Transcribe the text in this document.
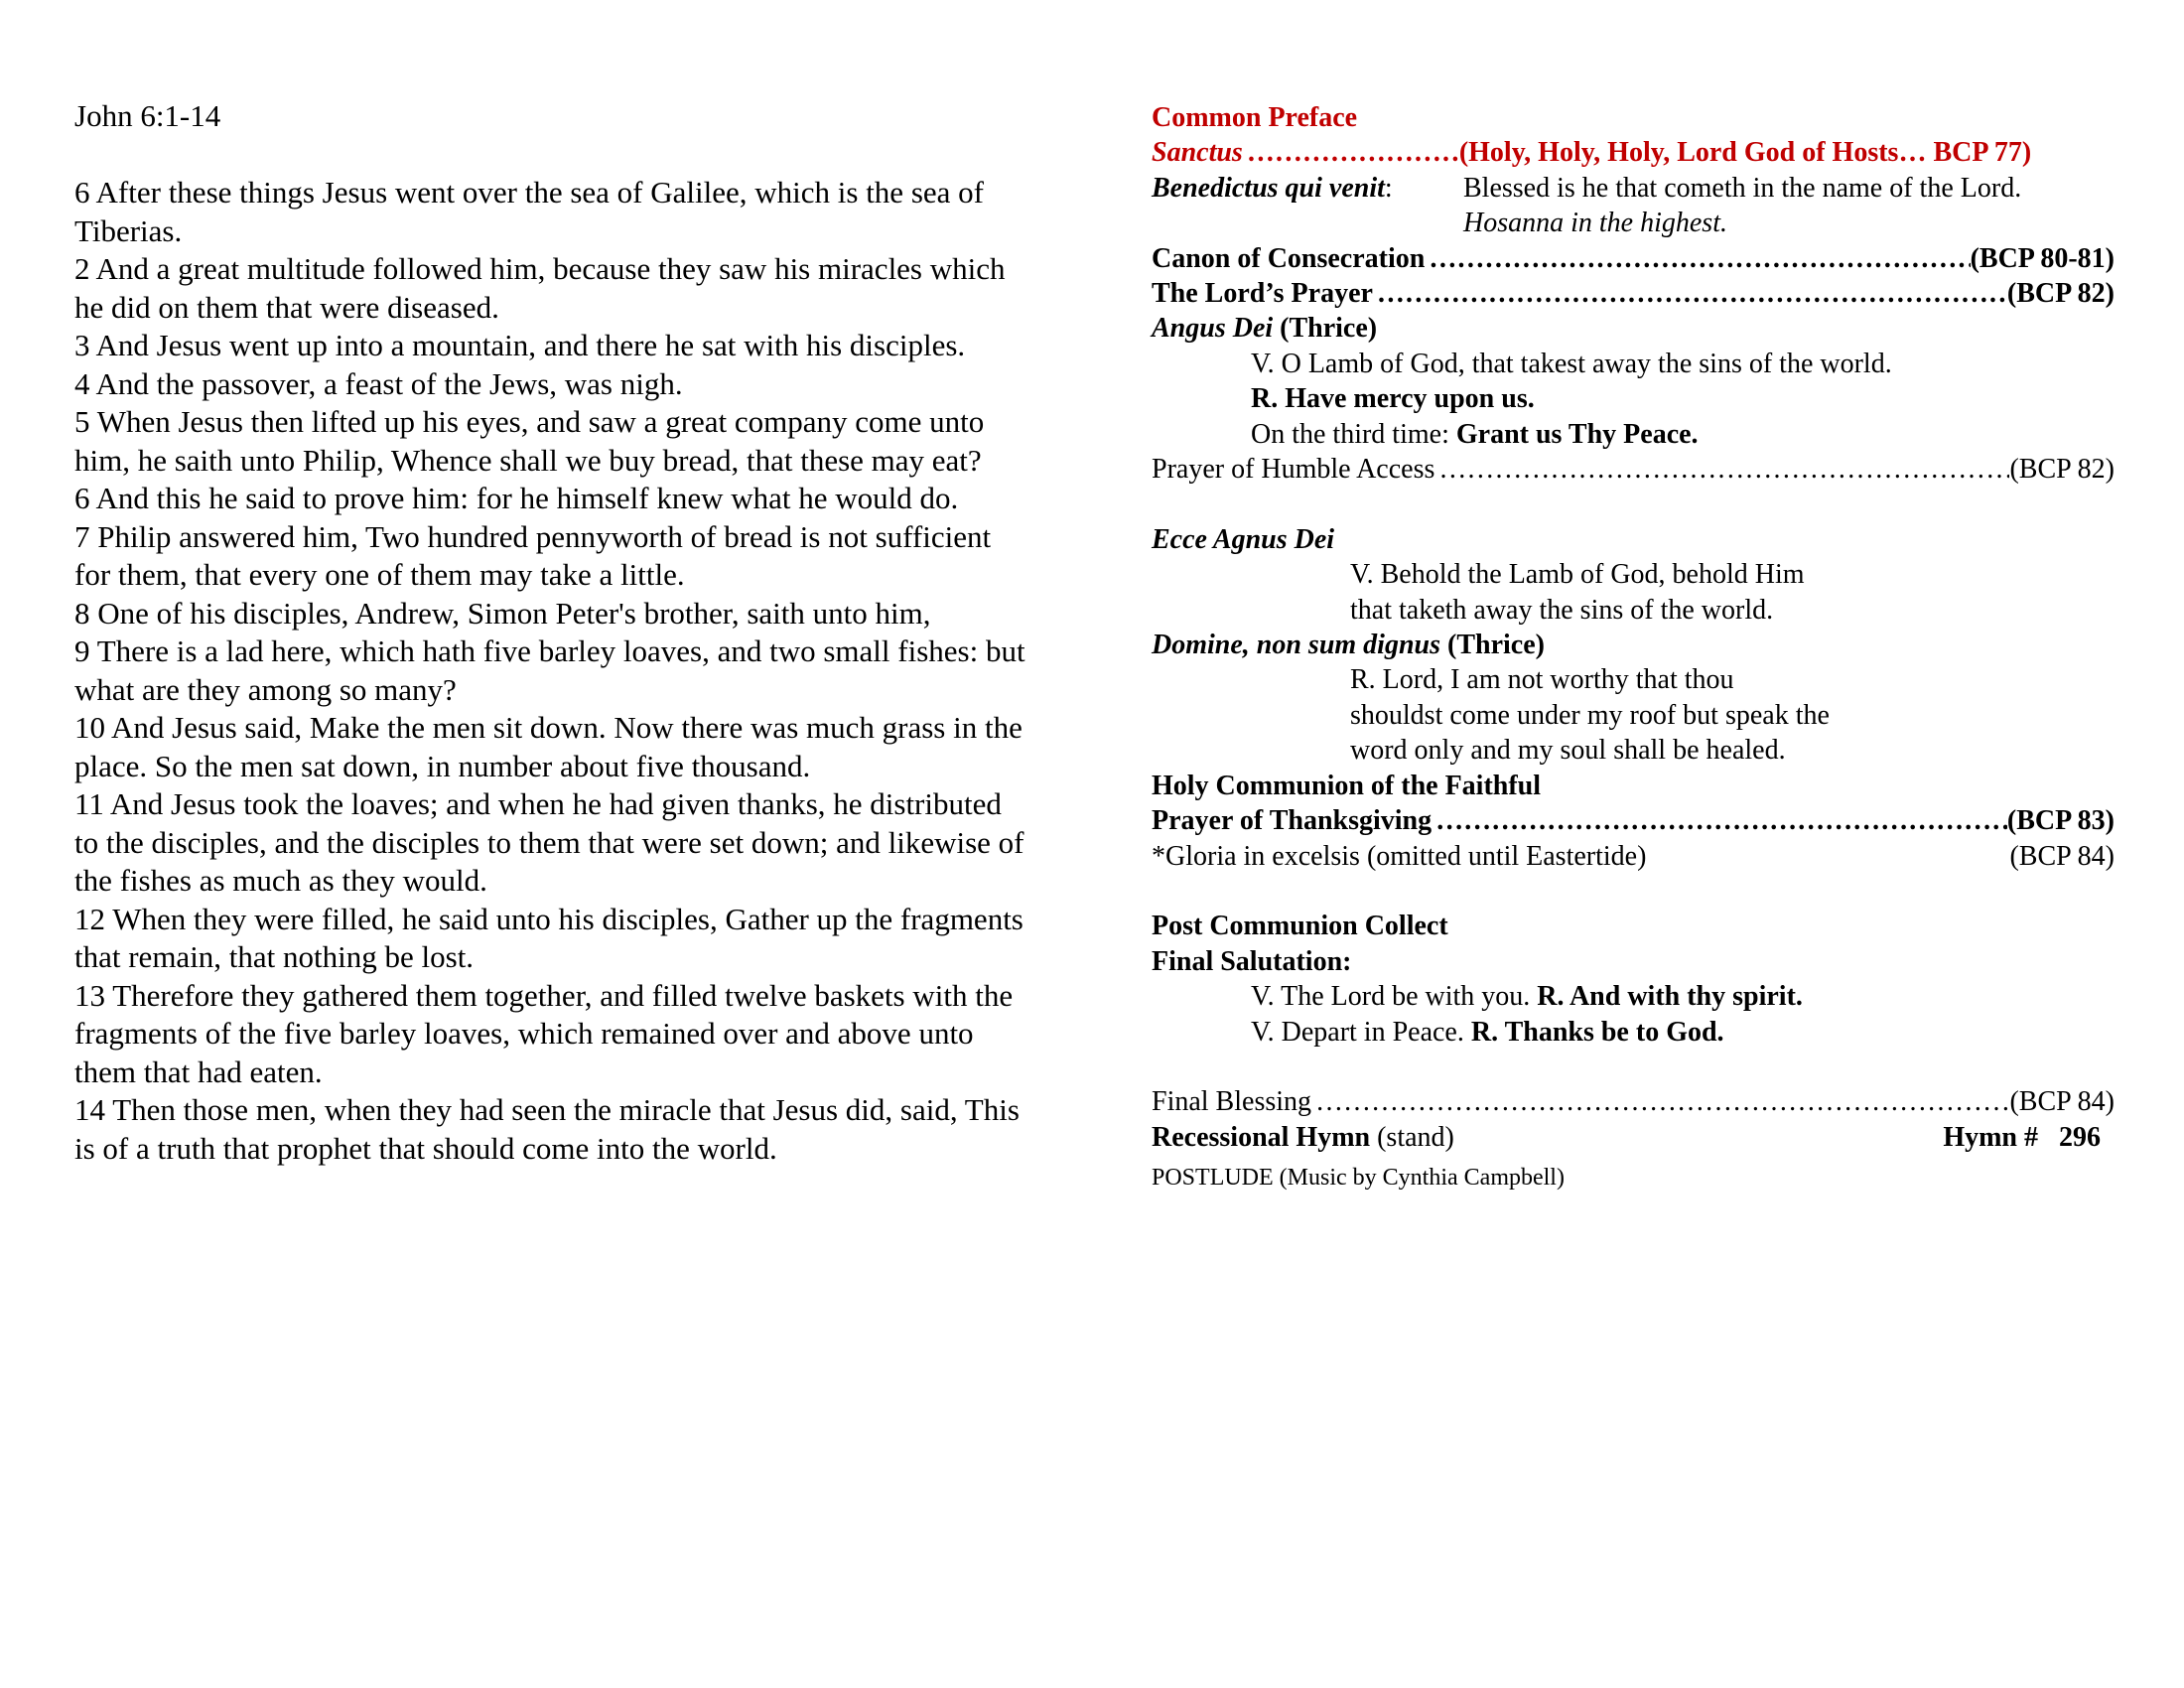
John 6:1-14
6 After these things Jesus went over the sea of Galilee, which is the sea of Tiberias.
2 And a great multitude followed him, because they saw his miracles which he did on them that were diseased.
3 And Jesus went up into a mountain, and there he sat with his disciples.
4 And the passover, a feast of the Jews, was nigh.
5 When Jesus then lifted up his eyes, and saw a great company come unto him, he saith unto Philip, Whence shall we buy bread, that these may eat?
6 And this he said to prove him: for he himself knew what he would do.
7 Philip answered him, Two hundred pennyworth of bread is not sufficient for them, that every one of them may take a little.
8 One of his disciples, Andrew, Simon Peter's brother, saith unto him,
9 There is a lad here, which hath five barley loaves, and two small fishes: but what are they among so many?
10 And Jesus said, Make the men sit down. Now there was much grass in the place. So the men sat down, in number about five thousand.
11 And Jesus took the loaves; and when he had given thanks, he distributed to the disciples, and the disciples to them that were set down; and likewise of the fishes as much as they would.
12 When they were filled, he said unto his disciples, Gather up the fragments that remain, that nothing be lost.
13 Therefore they gathered them together, and filled twelve baskets with the fragments of the five barley loaves, which remained over and above unto them that had eaten.
14 Then those men, when they had seen the miracle that Jesus did, said, This is of a truth that prophet that should come into the world.
Common Preface
Sanctus …………………………………………………………………………………………………………………………………………………………………………	(Holy, Holy, Holy, Lord God of Hosts… BCP 77)
Benedictus qui venit:	Blessed is he that cometh in the name of the Lord.
Hosanna in the highest.
Canon of Consecration …………………………………………………………………………………………………………………………………………………………………………	(BCP 80-81)
The Lord’s Prayer …………………………………………………………………………………………………………………………………………………………………………	(BCP 82)
Angus Dei (Thrice)
V. O Lamb of God, that takest away the sins of the world.
R. Have mercy upon us.
On the third time: Grant us Thy Peace.
Prayer of Humble Access …………………………………………………………………………………………………………………………………………………………………………	(BCP 82)
Ecce Agnus Dei
V. Behold the Lamb of God, behold Him
that taketh away the sins of the world.
Domine, non sum dignus (Thrice)
R. Lord, I am not worthy that thou
shouldst come under my roof but speak the
word only and my soul shall be healed.
Holy Communion of the Faithful
Prayer of Thanksgiving …………………………………………………………………………………………………………………………………………………………………………	(BCP 83)
*Gloria in excelsis (omitted until Eastertide)	(BCP 84)
Post Communion Collect
Final Salutation:
V. The Lord be with you. R. And with thy spirit.
V. Depart in Peace. R. Thanks be to God.
Final Blessing …………………………………………………………………………………………………………………………………………………………………………	(BCP 84)
Recessional Hymn (stand)	Hymn # 296
POSTLUDE (Music by Cynthia Campbell)
